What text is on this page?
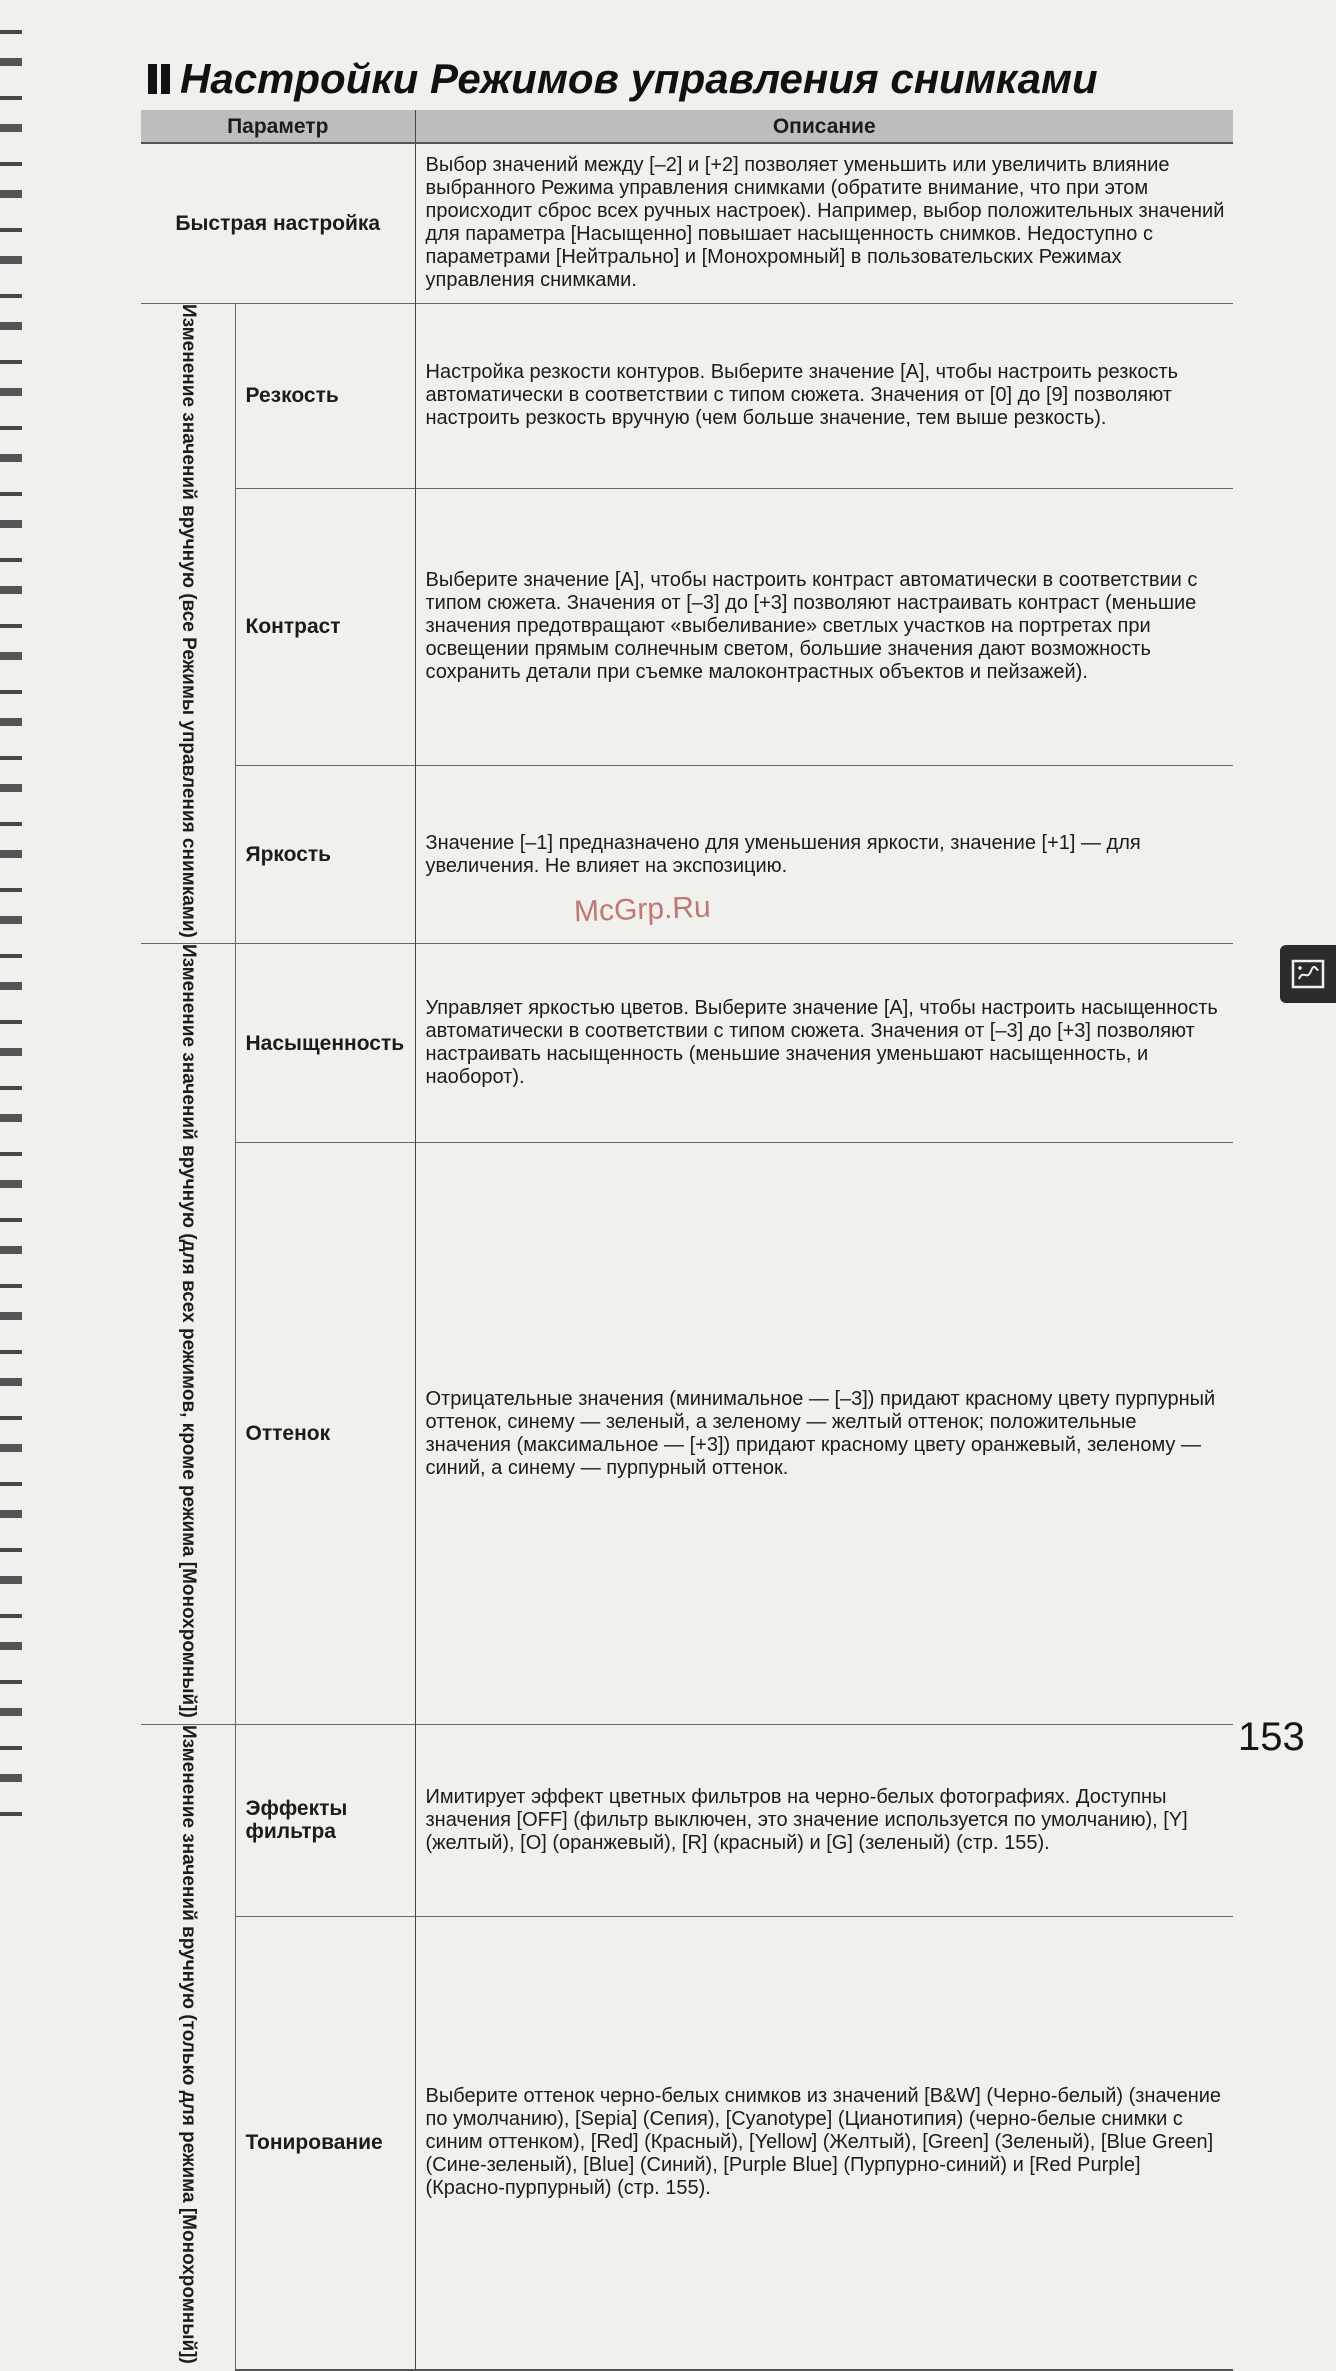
Настройки Режимов управления снимками
Параметр		Описание
Быстрая настройка		Выбор значений между [–2] и [+2] позволяет уменьшить или увеличить влияние выбранного Режима управления снимками (обратите внимание, что при этом происходит сброс всех ручных настроек). Например, выбор положительных значений для параметра [Насыщенно] повышает насыщенность снимков. Недоступно с параметрами [Нейтрально] и [Монохромный] в пользовательских Режимах управления снимками.
Изменение значений вручную (все Режимы управления снимками)	Резкость	Настройка резкости контуров. Выберите значение [A], чтобы настроить резкость автоматически в соответствии с типом сюжета. Значения от [0] до [9] позволяют настроить резкость вручную (чем больше значение, тем выше резкость).
	Контраст	Выберите значение [A], чтобы настроить контраст автоматически в соответствии с типом сюжета. Значения от [–3] до [+3] позволяют настраивать контраст (меньшие значения предотвращают «выбеливание» светлых участков на портретах при освещении прямым солнечным светом, большие значения дают возможность сохранить детали при съемке малоконтрастных объектов и пейзажей).
	Яркость	Значение [–1] предназначено для уменьшения яркости, значение [+1] — для увеличения. Не влияет на экспозицию.
Изменение значений вручную (для всех режимов, кроме режима [Монохромный])	Насыщенность	Управляет яркостью цветов. Выберите значение [A], чтобы настроить насыщенность автоматически в соответствии с типом сюжета. Значения от [–3] до [+3] позволяют настраивать насыщенность (меньшие значения уменьшают насыщенность, и наоборот).
	Оттенок	Отрицательные значения (минимальное — [–3]) придают красному цвету пурпурный оттенок, синему — зеленый, а зеленому — желтый оттенок; положительные значения (максимальное — [+3]) придают красному цвету оранжевый, зеленому — синий, а синему — пурпурный оттенок.
Изменение значений вручную (только для режима [Монохромный])	Эффекты фильтра	Имитирует эффект цветных фильтров на черно-белых фотографиях. Доступны значения [OFF] (фильтр выключен, это значение используется по умолчанию), [Y] (желтый), [O] (оранжевый), [R] (красный) и [G] (зеленый) (стр. 155).
	Тонирование	Выберите оттенок черно-белых снимков из значений [B&W] (Черно-белый) (значение по умолчанию), [Sepia] (Сепия), [Cyanotype] (Цианотипия) (черно-белые снимки с синим оттенком), [Red] (Красный), [Yellow] (Желтый), [Green] (Зеленый), [Blue Green] (Сине-зеленый), [Blue] (Синий), [Purple Blue] (Пурпурно-синий) и [Red Purple] (Красно-пурпурный) (стр. 155).
McGrp.Ru
153
